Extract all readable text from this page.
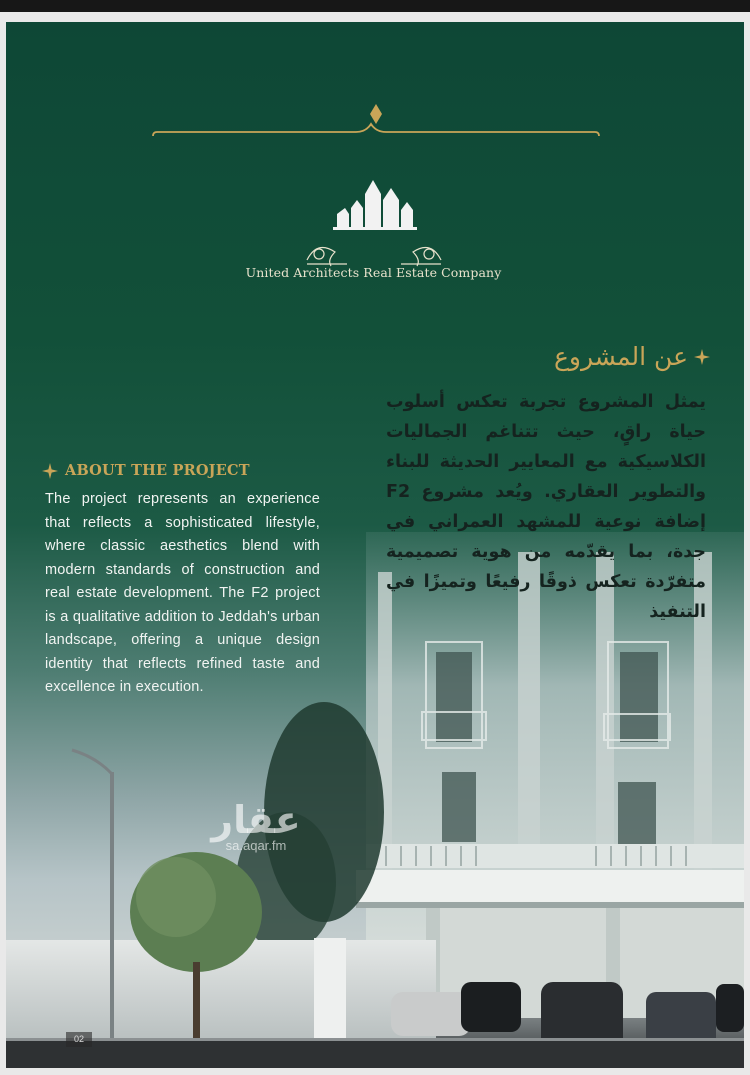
United Architects Real Estate Company
عن المشروع
يمثل المشروع تجربة تعكس أسلوب حياة راقٍ، حيث تتناغم الجماليات الكلاسيكية مع المعايير الحديثة للبناء والتطوير العقاري. ويُعد مشروع F2 إضافة نوعية للمشهد العمراني في جدة، بما يقدّمه من هوية تصميمية متفرّدة تعكس ذوقًا رفيعًا وتميزًا في التنفيذ
ABOUT THE PROJECT
The project represents an experience that reflects a sophisticated lifestyle, where classic aesthetics blend with modern standards of construction and real estate development. The F2 project is a qualitative addition to Jeddah's urban landscape, offering a unique design identity that reflects refined taste and excellence in execution.
02
عقار
sa.aqar.fm
